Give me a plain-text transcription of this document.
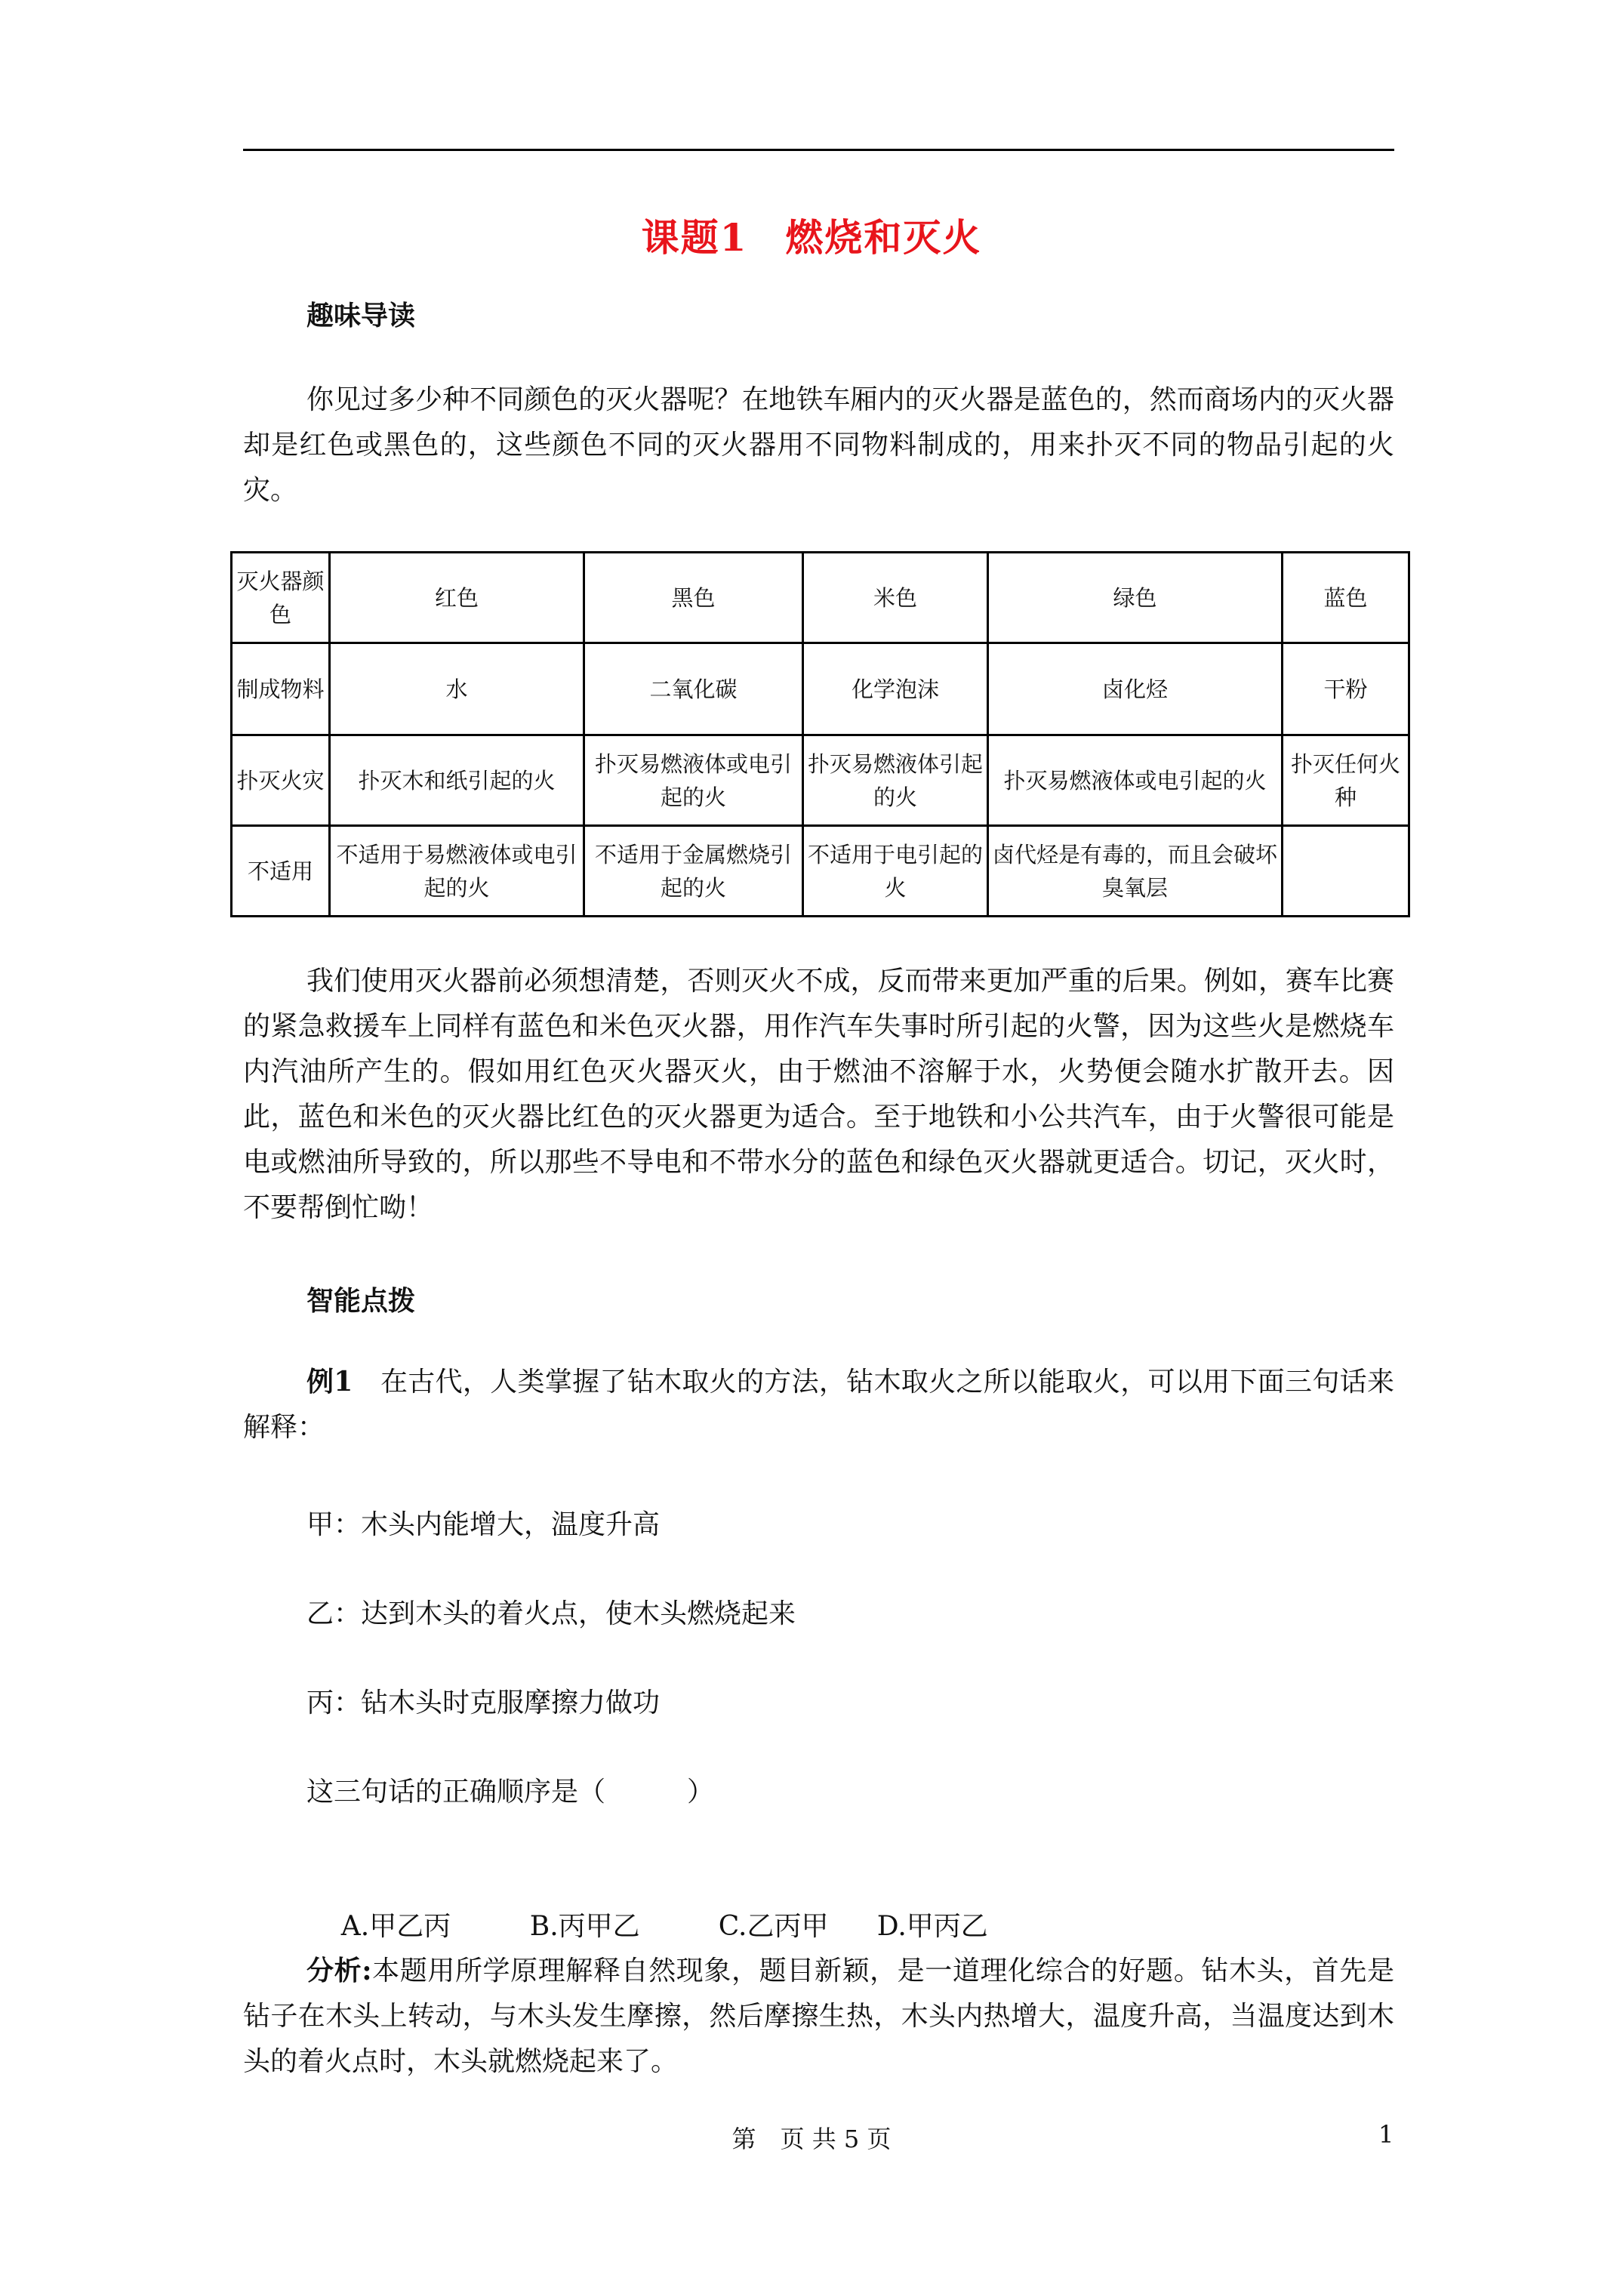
课题1 燃烧和灭火
趣味导读

你见过多少种不同颜色的灭火器呢？在地铁车厢内的灭火器是蓝色的，然而商场内的灭火器却是红色或黑色的，这些颜色不同的灭火器用不同物料制成的，用来扑灭不同的物品引起的火灾。

灭火器颜色	红色	黑色	米色	绿色	蓝色
制成物料	水	二氧化碳	化学泡沫	卤化烃	干粉
扑灭火灾	扑灭木和纸引起的火	扑灭易燃液体或电引起的火	扑灭易燃液体引起的火	扑灭易燃液体或电引起的火	扑灭任何火种
不适用	不适用于易燃液体或电引起的火	不适用于金属燃烧引起的火	不适用于电引起的火	卤代烃是有毒的，而且会破坏臭氧层	

我们使用灭火器前必须想清楚，否则灭火不成，反而带来更加严重的后果。例如，赛车比赛的紧急救援车上同样有蓝色和米色灭火器，用作汽车失事时所引起的火警，因为这些火是燃烧车内汽油所产生的。假如用红色灭火器灭火，由于燃油不溶解于水，火势便会随水扩散开去。因此，蓝色和米色的灭火器比红色的灭火器更为适合。至于地铁和小公共汽车，由于火警很可能是电或燃油所导致的，所以那些不导电和不带水分的蓝色和绿色灭火器就更适合。切记，灭火时，不要帮倒忙呦！

智能点拨

例1　 在古代，人类掌握了钻木取火的方法，钻木取火之所以能取火，可以用下面三句话来解释：

甲：木头内能增大，温度升高
乙：达到木头的着火点，使木头燃烧起来
丙：钻木头时克服摩擦力做功
这三句话的正确顺序是（　　　）

A.甲乙丙	B.丙甲乙	C.乙丙甲 D.甲丙乙

分析:本题用所学原理解释自然现象，题目新颖，是一道理化综合的好题。钻木头，首先是钻子在木头上转动，与木头发生摩擦，然后摩擦生热，木头内热增大，温度升高，当温度达到木头的着火点时，木头就燃烧起来了。

第　页 共 5 页	1
